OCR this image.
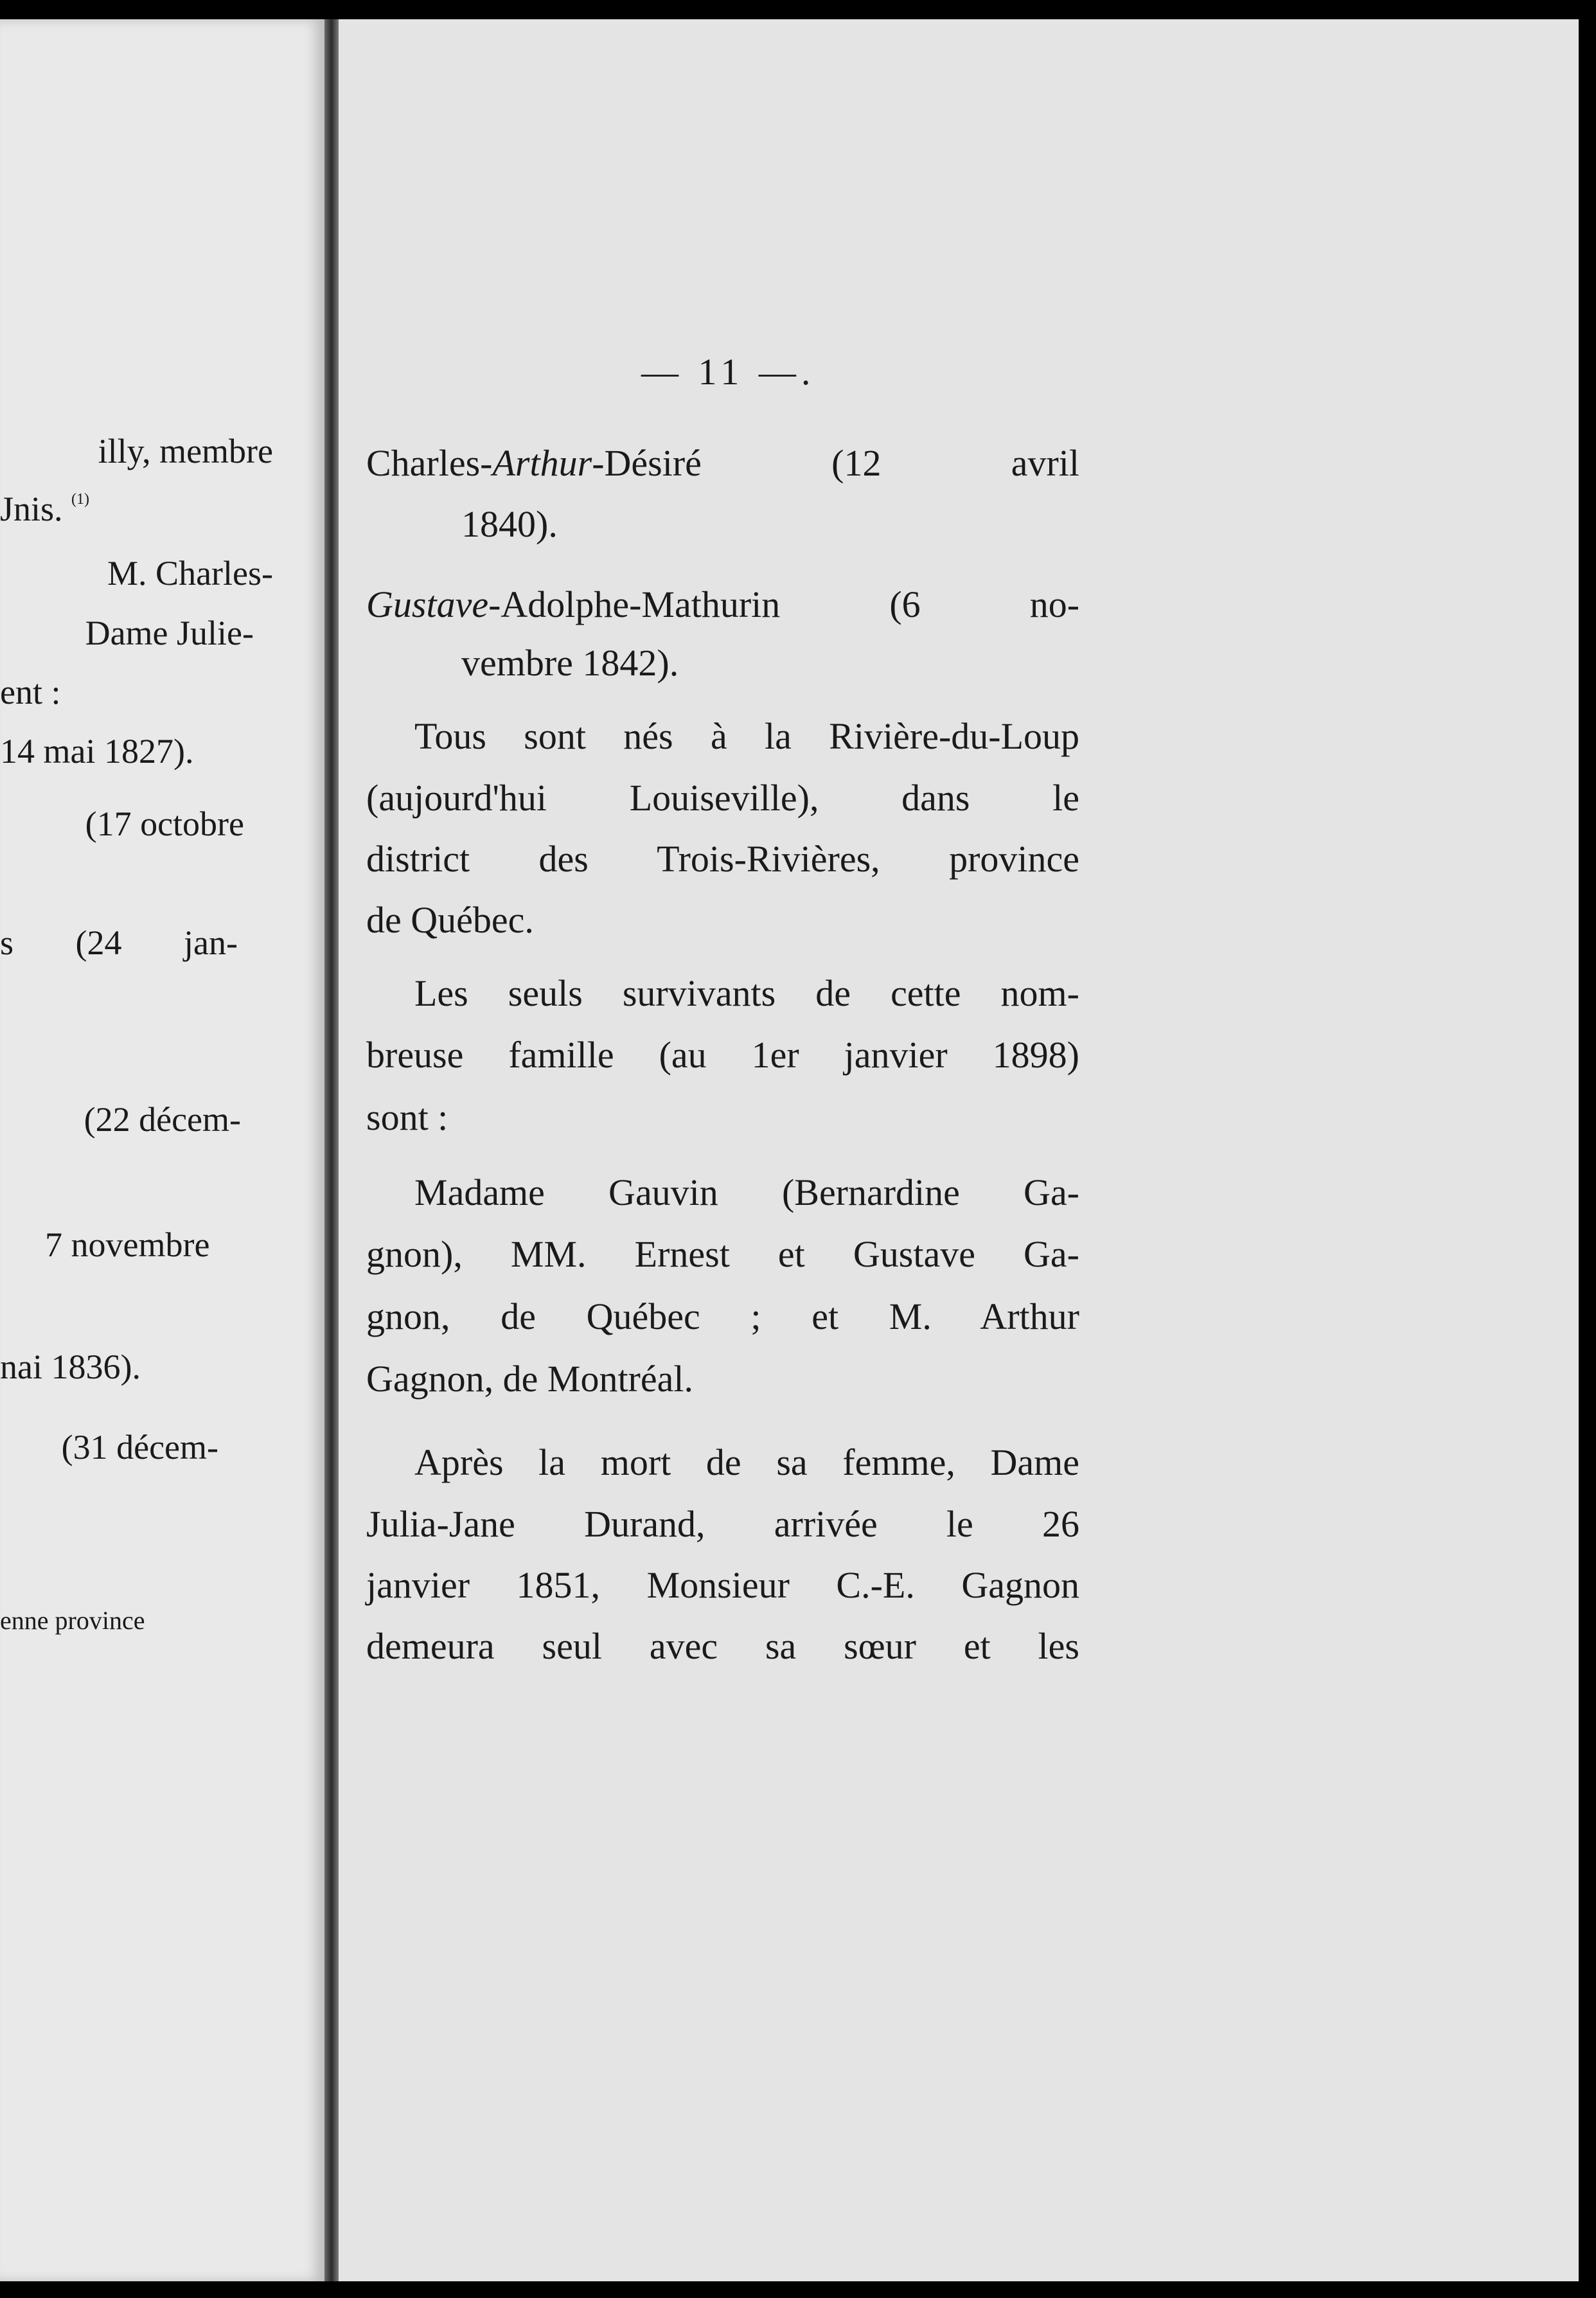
illy, membre
Jnis. $^{(1)}$
M. Charles-
Dame Julie-
ent :
14 mai 1827).
(17 octobre
s (24 jan-
(22 décem-
7 novembre
nai 1836).
(31 décem-
enne province
— 11 —.
Charles-Arthur-Désiré	(12	avril
1840).
Gustave-Adolphe-Mathurin	(6	no-
vembre 1842).
Tous sont nés à la Rivière-du-Loup
(aujourd'hui Louiseville), dans le
district des Trois-Rivières, province
de Québec.
Les seuls survivants de cette nom-
breuse famille (au 1er janvier 1898)
sont :
Madame Gauvin (Bernardine Ga-
gnon), MM. Ernest et Gustave Ga-
gnon, de Québec ; et M. Arthur
Gagnon, de Montréal.
Après la mort de sa femme, Dame
Julia-Jane Durand, arrivée le 26
janvier 1851, Monsieur C.-E. Gagnon
demeura seul avec sa sœur et les
